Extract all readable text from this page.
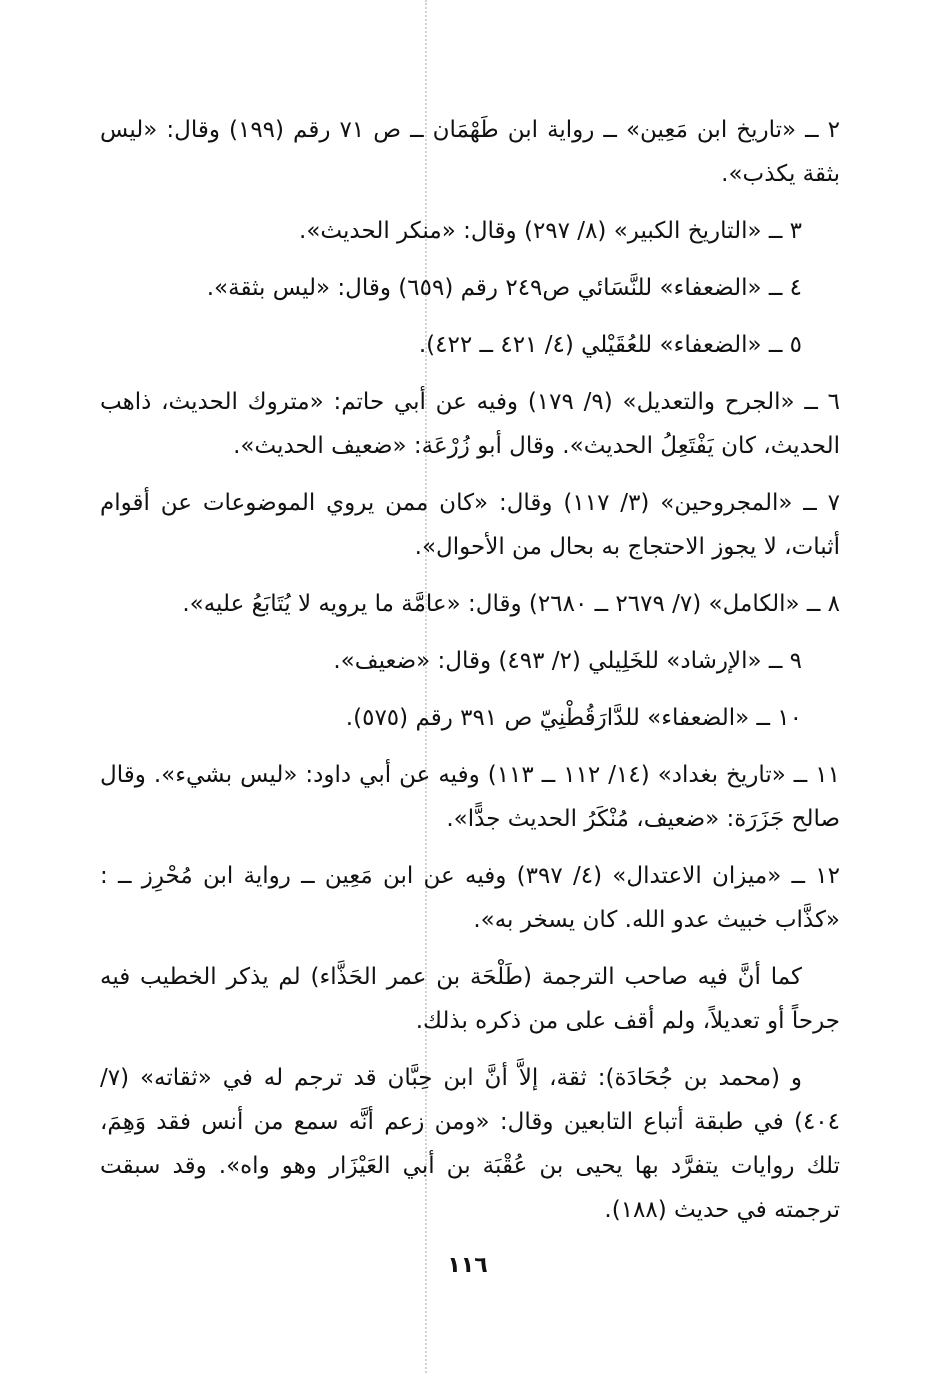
٢ ــ «تاريخ ابن مَعِين» ــ رواية ابن طَهْمَان ــ ص ٧١ رقم (١٩٩) وقال: «ليس بثقة يكذب».

٣ ــ «التاريخ الكبير» (٨/ ٢٩٧) وقال: «منكر الحديث».

٤ ــ «الضعفاء» للنَّسَائي ص٢٤٩ رقم (٦٥٩) وقال: «ليس بثقة».

٥ ــ «الضعفاء» للعُقَيْلي (٤/ ٤٢١ ــ ٤٢٢).

٦ ــ «الجرح والتعديل» (٩/ ١٧٩) وفيه عن أبي حاتم: «متروك الحديث، ذاهب الحديث، كان يَفْتَعِلُ الحديث». وقال أبو زُرْعَة: «ضعيف الحديث».

٧ ــ «المجروحين» (٣/ ١١٧) وقال: «كان ممن يروي الموضوعات عن أقوام أثبات، لا يجوز الاحتجاج به بحال من الأحوال».

٨ ــ «الكامل» (٧/ ٢٦٧٩ ــ ٢٦٨٠) وقال: «عامَّة ما يرويه لا يُتَابَعُ عليه».

٩ ــ «الإرشاد» للخَلِيلي (٢/ ٤٩٣) وقال: «ضعيف».

١٠ ــ «الضعفاء» للدَّارَقُطْنِيّ ص ٣٩١ رقم (٥٧٥).

١١ ــ «تاريخ بغداد» (١٤/ ١١٢ ــ ١١٣) وفيه عن أبي داود: «ليس بشيء». وقال صالح جَزَرَة: «ضعيف، مُنْكَرُ الحديث جدًّا».

١٢ ــ «ميزان الاعتدال» (٤/ ٣٩٧) وفيه عن ابن مَعِين ــ رواية ابن مُحْرِز ــ : «كذَّاب خبيث عدو الله. كان يسخر به».

كما أنَّ فيه صاحب الترجمة (طَلْحَة بن عمر الحَذَّاء) لم يذكر الخطيب فيه جرحاً أو تعديلاً، ولم أقف على من ذكره بذلك.

و (محمد بن جُحَادَة): ثقة، إلاَّ أنَّ ابن حِبَّان قد ترجم له في «ثقاته» (٧/ ٤٠٤) في طبقة أتباع التابعين وقال: «ومن زعم أنَّه سمع من أنس فقد وَهِمَ، تلك روايات يتفرَّد بها يحيى بن عُقْبَة بن أبي العَيْزَار وهو واه». وقد سبقت ترجمته في حديث (١٨٨).

١١٦
